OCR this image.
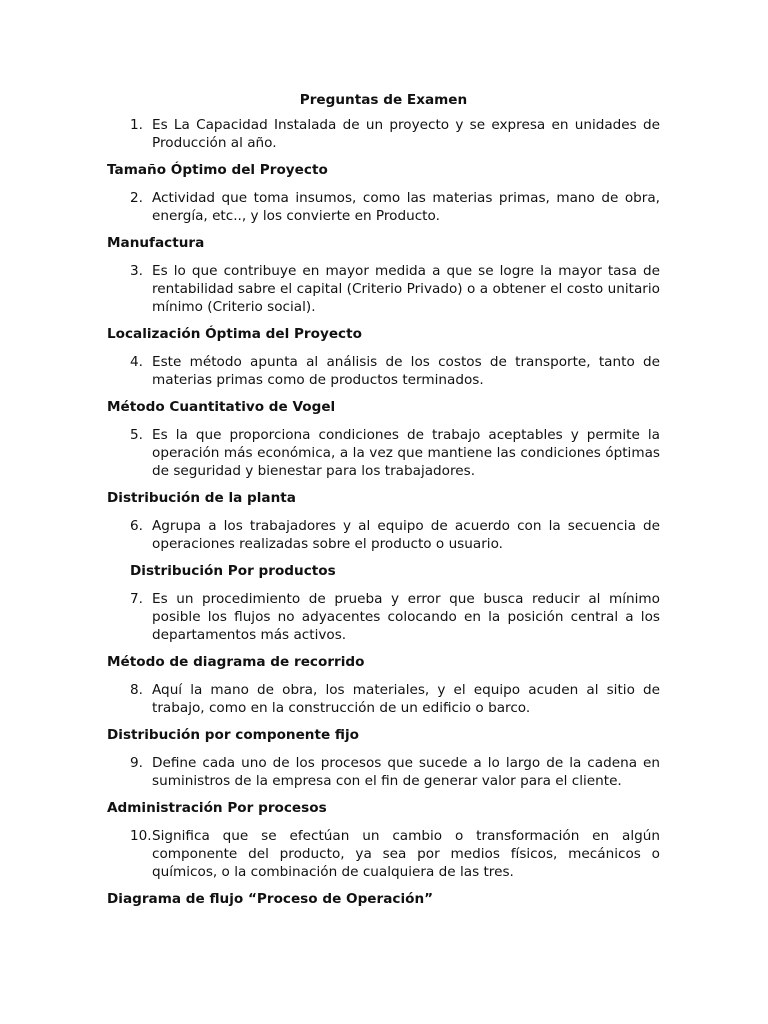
Preguntas de Examen
1. Es La Capacidad Instalada de un proyecto y se expresa en unidades de Producción al año.
Tamaño Óptimo del Proyecto
2. Actividad que toma insumos, como las materias primas, mano de obra, energía, etc.., y los convierte en Producto.
Manufactura
3. Es lo que contribuye en mayor medida a que se logre la mayor tasa de rentabilidad sabre el capital (Criterio Privado) o a obtener el costo unitario mínimo (Criterio social).
Localización Óptima del Proyecto
4. Este método apunta al análisis de los costos de transporte, tanto de materias primas como de productos terminados.
Método Cuantitativo de Vogel
5. Es la que proporciona condiciones de trabajo aceptables y permite la operación más económica, a la vez que mantiene las condiciones óptimas de seguridad y bienestar para los trabajadores.
Distribución de la planta
6. Agrupa a los trabajadores y al equipo de acuerdo con la secuencia de operaciones realizadas sobre el producto o usuario.
Distribución Por productos
7. Es un procedimiento de prueba y error que busca reducir al mínimo posible los flujos no adyacentes colocando en la posición central a los departamentos más activos.
Método de diagrama de recorrido
8. Aquí la mano de obra, los materiales, y el equipo acuden al sitio de trabajo, como en la construcción de un edificio o barco.
Distribución por componente fijo
9. Define cada uno de los procesos que sucede a lo largo de la cadena en suministros de la empresa con el fin de generar valor para el cliente.
Administración Por procesos
10. Significa que se efectúan un cambio o transformación en algún componente del producto, ya sea por medios físicos, mecánicos o químicos, o la combinación de cualquiera de las tres.
Diagrama de flujo “Proceso de Operación”
